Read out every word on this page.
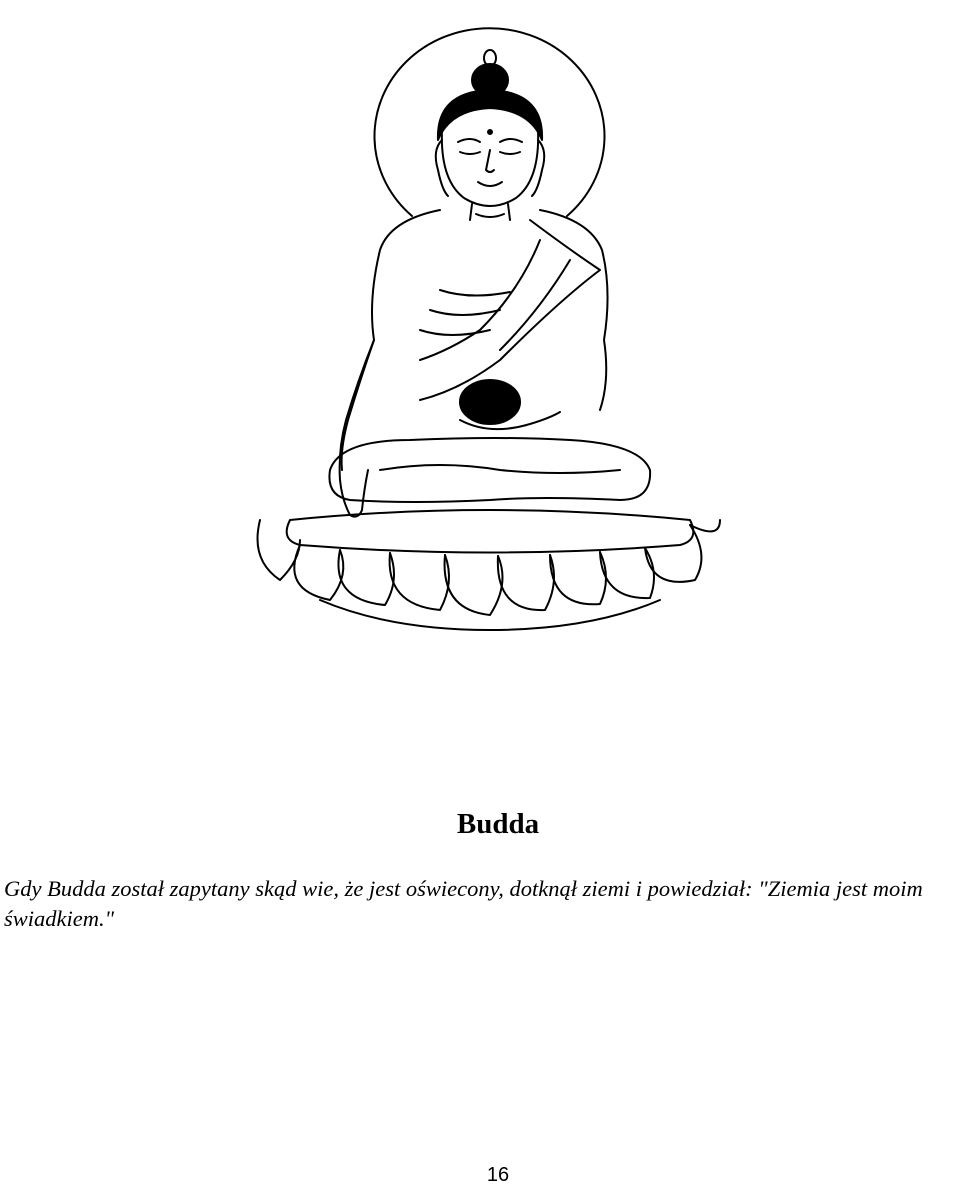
Budda

Gdy Budda został zapytany skąd wie, że jest oświecony, dotknął ziemi i powiedział: "Ziemia jest moim świadkiem."

16
